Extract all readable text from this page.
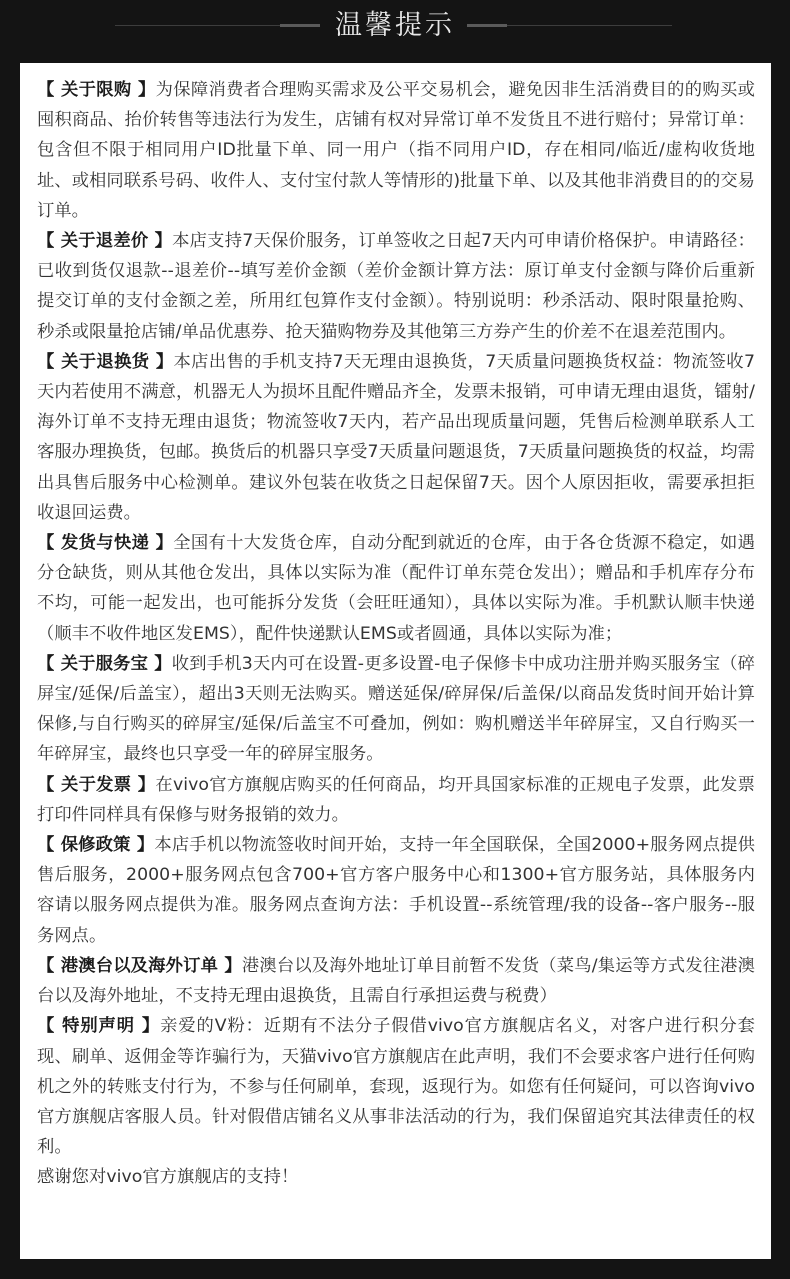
温馨提示

【 关于限购 】为保障消费者合理购买需求及公平交易机会，避免因非生活消费目的的购买或囤积商品、抬价转售等违法行为发生，店铺有权对异常订单不发货且不进行赔付；异常订单：包含但不限于相同用户ID批量下单、同一用户（指不同用户ID，存在相同/临近/虚构收货地址、或相同联系号码、收件人、支付宝付款人等情形的)批量下单、以及其他非消费目的的交易订单。

【 关于退差价 】本店支持7天保价服务，订单签收之日起7天内可申请价格保护。申请路径：已收到货仅退款--退差价--填写差价金额（差价金额计算方法：原订单支付金额与降价后重新提交订单的支付金额之差，所用红包算作支付金额）。特别说明：秒杀活动、限时限量抢购、秒杀或限量抢店铺/单品优惠券、抢天猫购物券及其他第三方券产生的价差不在退差范围内。

【 关于退换货 】本店出售的手机支持7天无理由退换货，7天质量问题换货权益：物流签收7天内若使用不满意，机器无人为损坏且配件赠品齐全，发票未报销，可申请无理由退货，镭射/海外订单不支持无理由退货；物流签收7天内，若产品出现质量问题，凭售后检测单联系人工客服办理换货，包邮。换货后的机器只享受7天质量问题退货，7天质量问题换货的权益，均需出具售后服务中心检测单。建议外包装在收货之日起保留7天。因个人原因拒收，需要承担拒收退回运费。

【 发货与快递 】全国有十大发货仓库，自动分配到就近的仓库，由于各仓货源不稳定，如遇分仓缺货，则从其他仓发出，具体以实际为准（配件订单东莞仓发出）；赠品和手机库存分布不均，可能一起发出，也可能拆分发货（会旺旺通知），具体以实际为准。手机默认顺丰快递（顺丰不收件地区发EMS），配件快递默认EMS或者圆通，具体以实际为准；

【 关于服务宝 】收到手机3天内可在设置-更多设置-电子保修卡中成功注册并购买服务宝（碎屏宝/延保/后盖宝），超出3天则无法购买。赠送延保/碎屏保/后盖保/以商品发货时间开始计算保修,与自行购买的碎屏宝/延保/后盖宝不可叠加，例如：购机赠送半年碎屏宝，又自行购买一年碎屏宝，最终也只享受一年的碎屏宝服务。

【 关于发票 】在vivo官方旗舰店购买的任何商品，均开具国家标准的正规电子发票，此发票打印件同样具有保修与财务报销的效力。

【 保修政策 】本店手机以物流签收时间开始，支持一年全国联保，全国2000+服务网点提供售后服务，2000+服务网点包含700+官方客户服务中心和1300+官方服务站，具体服务内容请以服务网点提供为准。服务网点查询方法：手机设置--系统管理/我的设备--客户服务--服务网点。

【 港澳台以及海外订单 】港澳台以及海外地址订单目前暂不发货（菜鸟/集运等方式发往港澳台以及海外地址，不支持无理由退换货，且需自行承担运费与税费）

【 特别声明 】亲爱的V粉：近期有不法分子假借vivo官方旗舰店名义，对客户进行积分套现、刷单、返佣金等诈骗行为，天猫vivo官方旗舰店在此声明，我们不会要求客户进行任何购机之外的转账支付行为，不参与任何刷单，套现，返现行为。如您有任何疑问，可以咨询vivo官方旗舰店客服人员。针对假借店铺名义从事非法活动的行为，我们保留追究其法律责任的权利。

感谢您对vivo官方旗舰店的支持！
